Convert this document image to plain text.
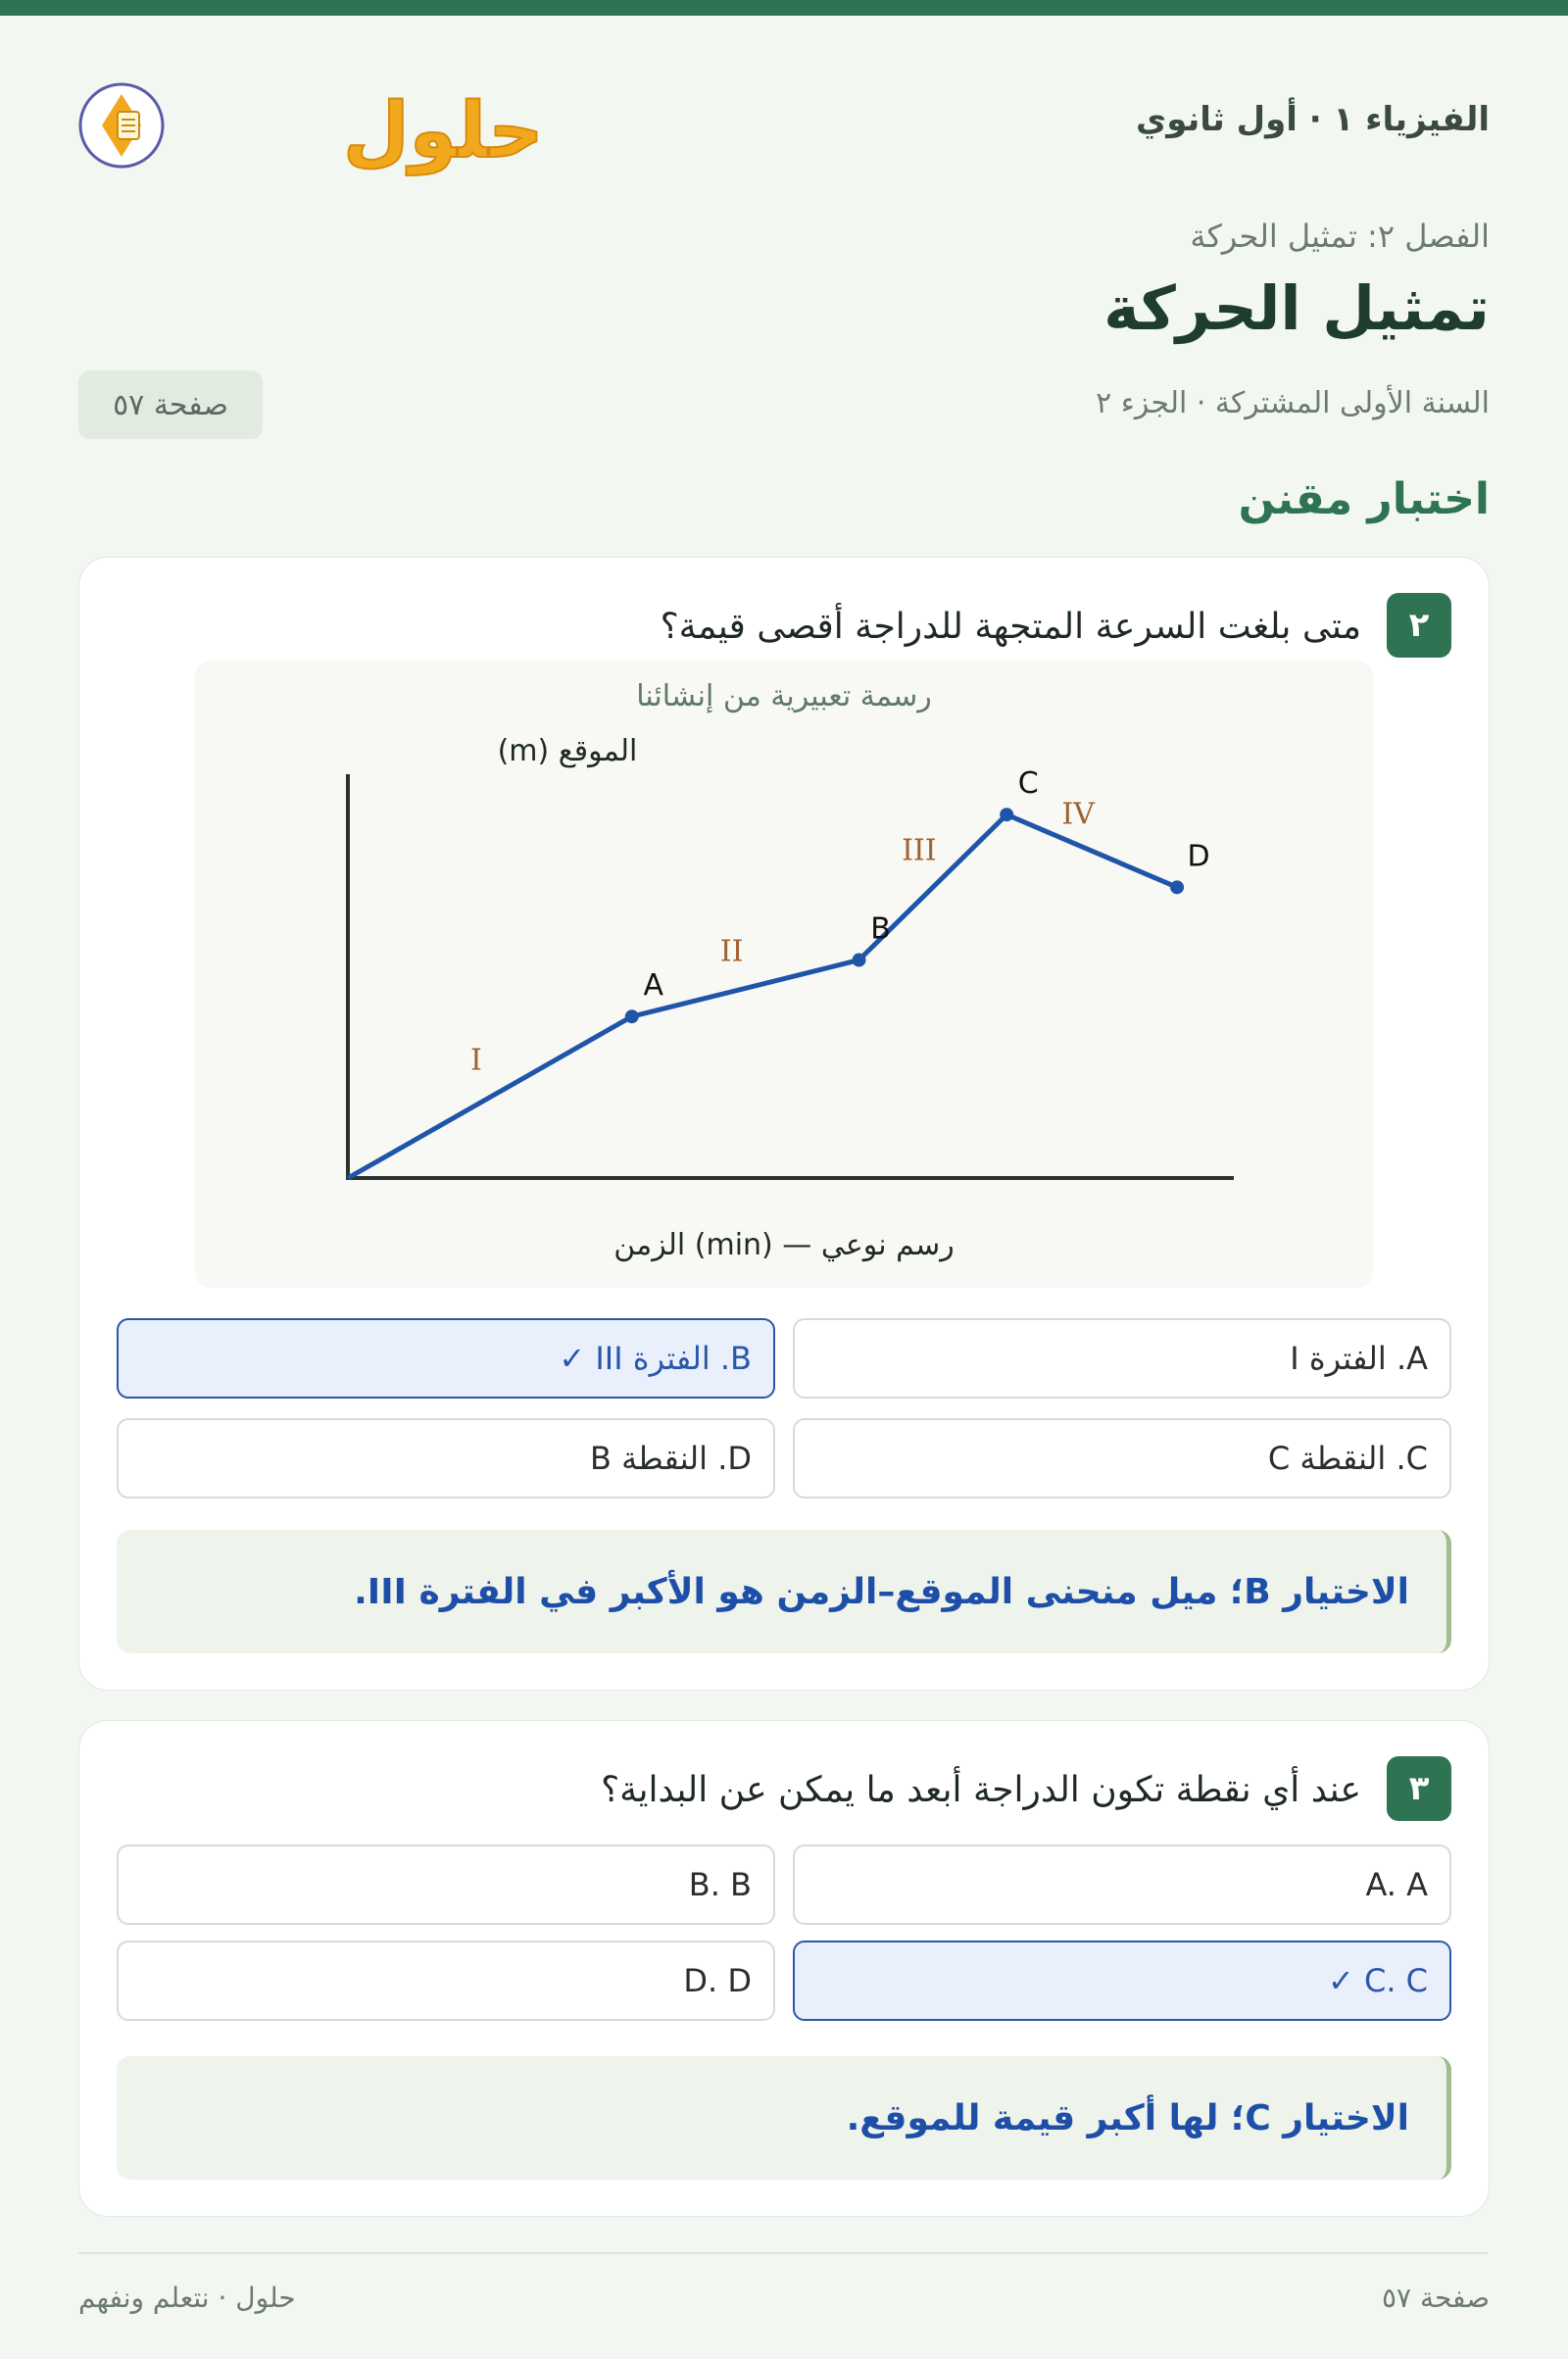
الفيزياء ١ · أول ثانوي
حلول
الفصل ٢: تمثيل الحركة
تمثيل الحركة
السنة الأولى المشتركة · الجزء ٢
صفحة ٥٧
اختبار مقنن
٢
متى بلغت السرعة المتجهة للدراجة أقصى قيمة؟
رسمة تعبيرية من إنشائنا
الموقع (m)
رسم نوعي — (min) الزمن
I
II
III
IV
A
B
C
D
A. الفترة I
B. الفترة III ✓
C. النقطة C
D. النقطة B
الاختيار B؛ ميل منحنى الموقع–الزمن هو الأكبر في الفترة III.
٣
عند أي نقطة تكون الدراجة أبعد ما يمكن عن البداية؟
A. A
B. B
C. C ✓
D. D
الاختيار C؛ لها أكبر قيمة للموقع.
حلول · نتعلم ونفهم	صفحة ٥٧
